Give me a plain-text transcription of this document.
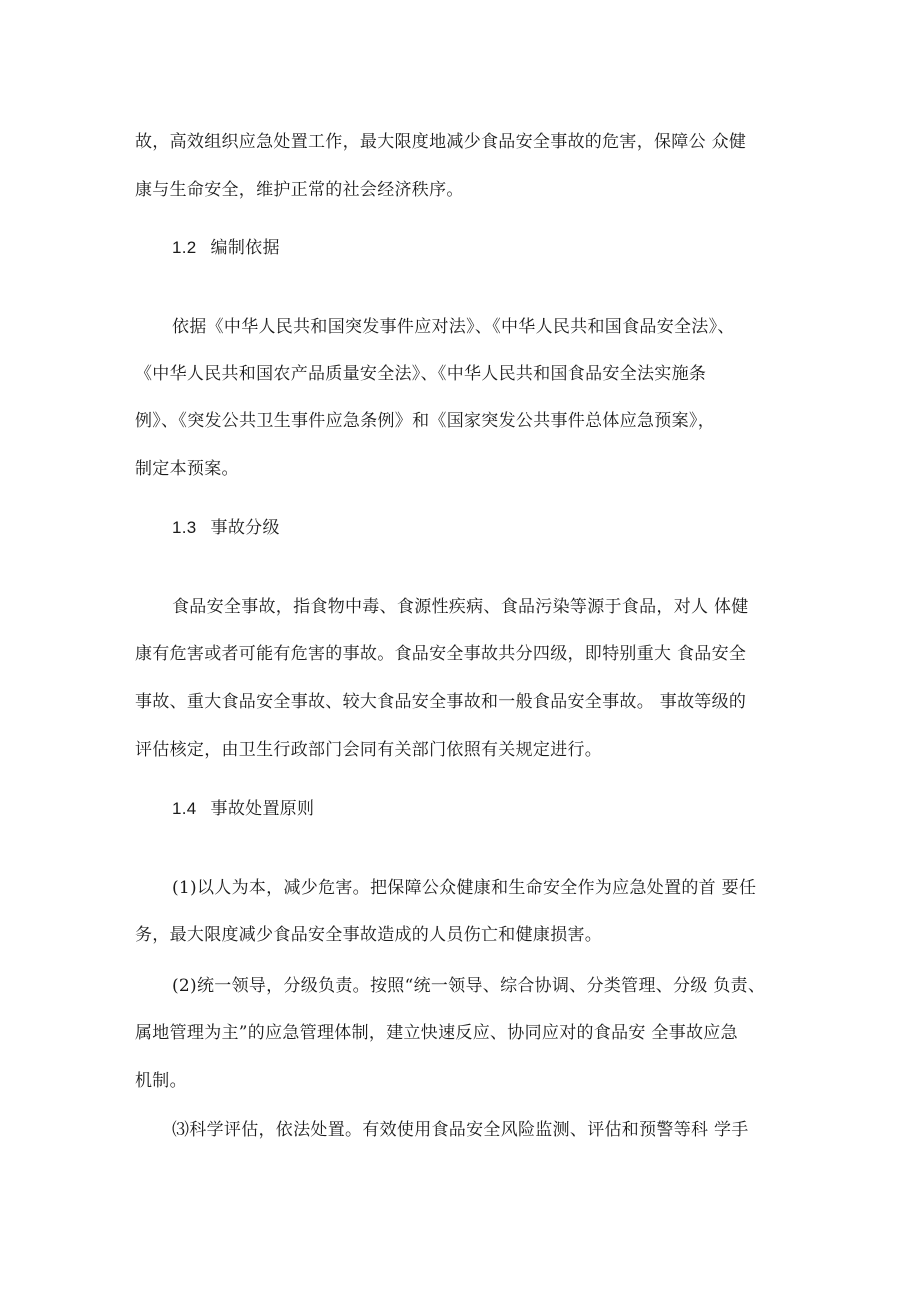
故，高效组织应急处置工作，最大限度地减少食品安全事故的危害，保障公 众健
康与生命安全，维护正常的社会经济秩序。
1.2 编制依据
依据《中华人民共和国突发事件应对法》、《中华人民共和国食品安全法》、
《中华人民共和国农产品质量安全法》、《中华人民共和国食品安全法实施条
例》、《突发公共卫生事件应急条例》和《国家突发公共事件总体应急预案》，
制定本预案。
1.3 事故分级
食品安全事故，指食物中毒、食源性疾病、食品污染等源于食品，对人 体健
康有危害或者可能有危害的事故。食品安全事故共分四级，即特别重大 食品安全
事故、重大食品安全事故、较大食品安全事故和一般食品安全事故。 事故等级的
评估核定，由卫生行政部门会同有关部门依照有关规定进行。
1.4 事故处置原则
(1)以人为本，减少危害。把保障公众健康和生命安全作为应急处置的首 要任
务，最大限度减少食品安全事故造成的人员伤亡和健康损害。
(2)统一领导，分级负责。按照“统一领导、综合协调、分类管理、分级 负责、
属地管理为主”的应急管理体制，建立快速反应、协同应对的食品安 全事故应急
机制。
⑶科学评估，依法处置。有效使用食品安全风险监测、评估和预警等科 学手
